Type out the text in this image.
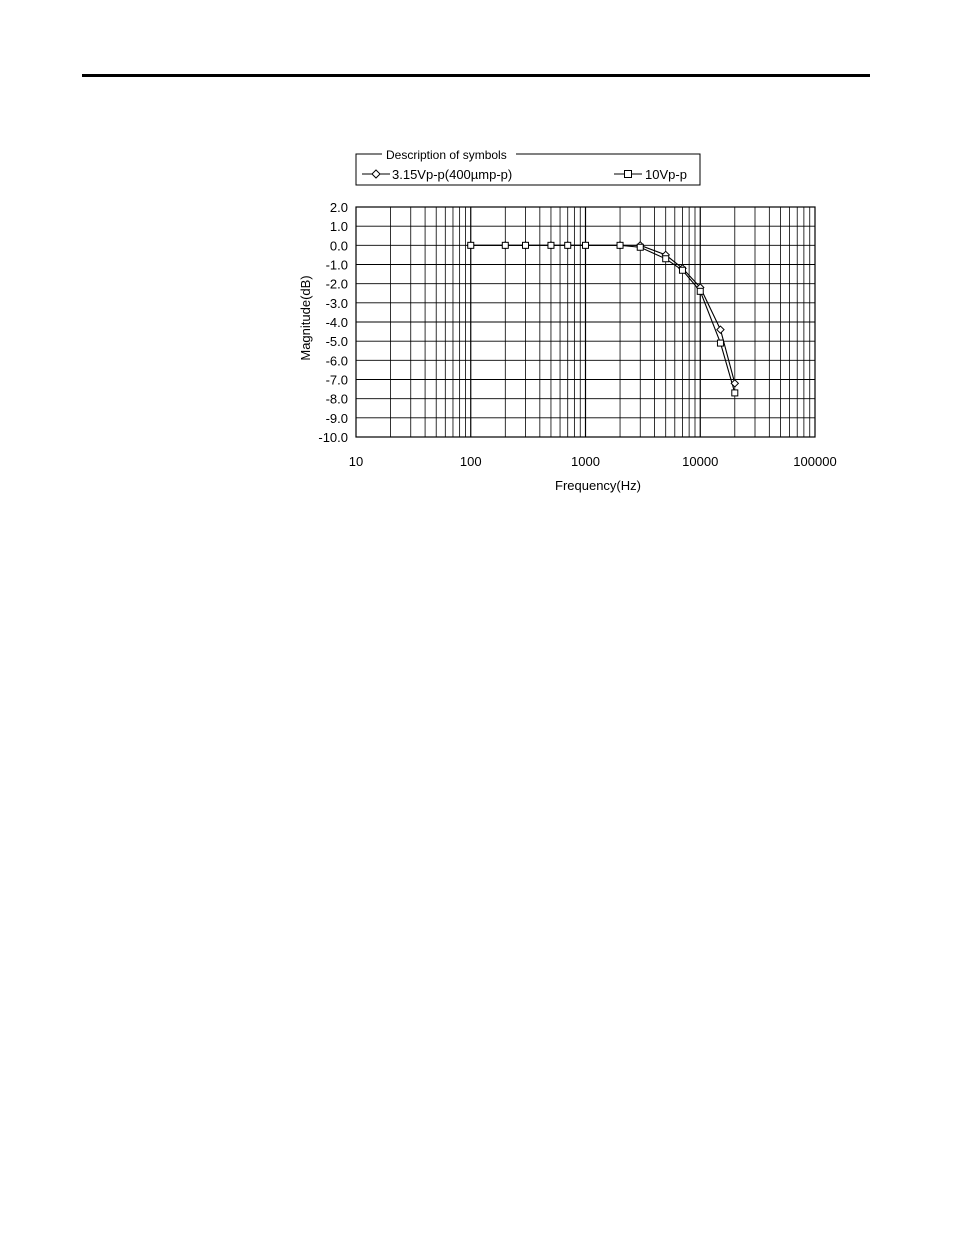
Description of symbols
3.15Vp-p(400µmp-p)	10Vp-p
10	100	1000	10000	100000
2.0
1.0
0.0
-1.0
-2.0
-3.0
-4.0
-5.0
-6.0
-7.0
-8.0
-9.0
-10.0
Frequency(Hz)
Magnitude(dB)
